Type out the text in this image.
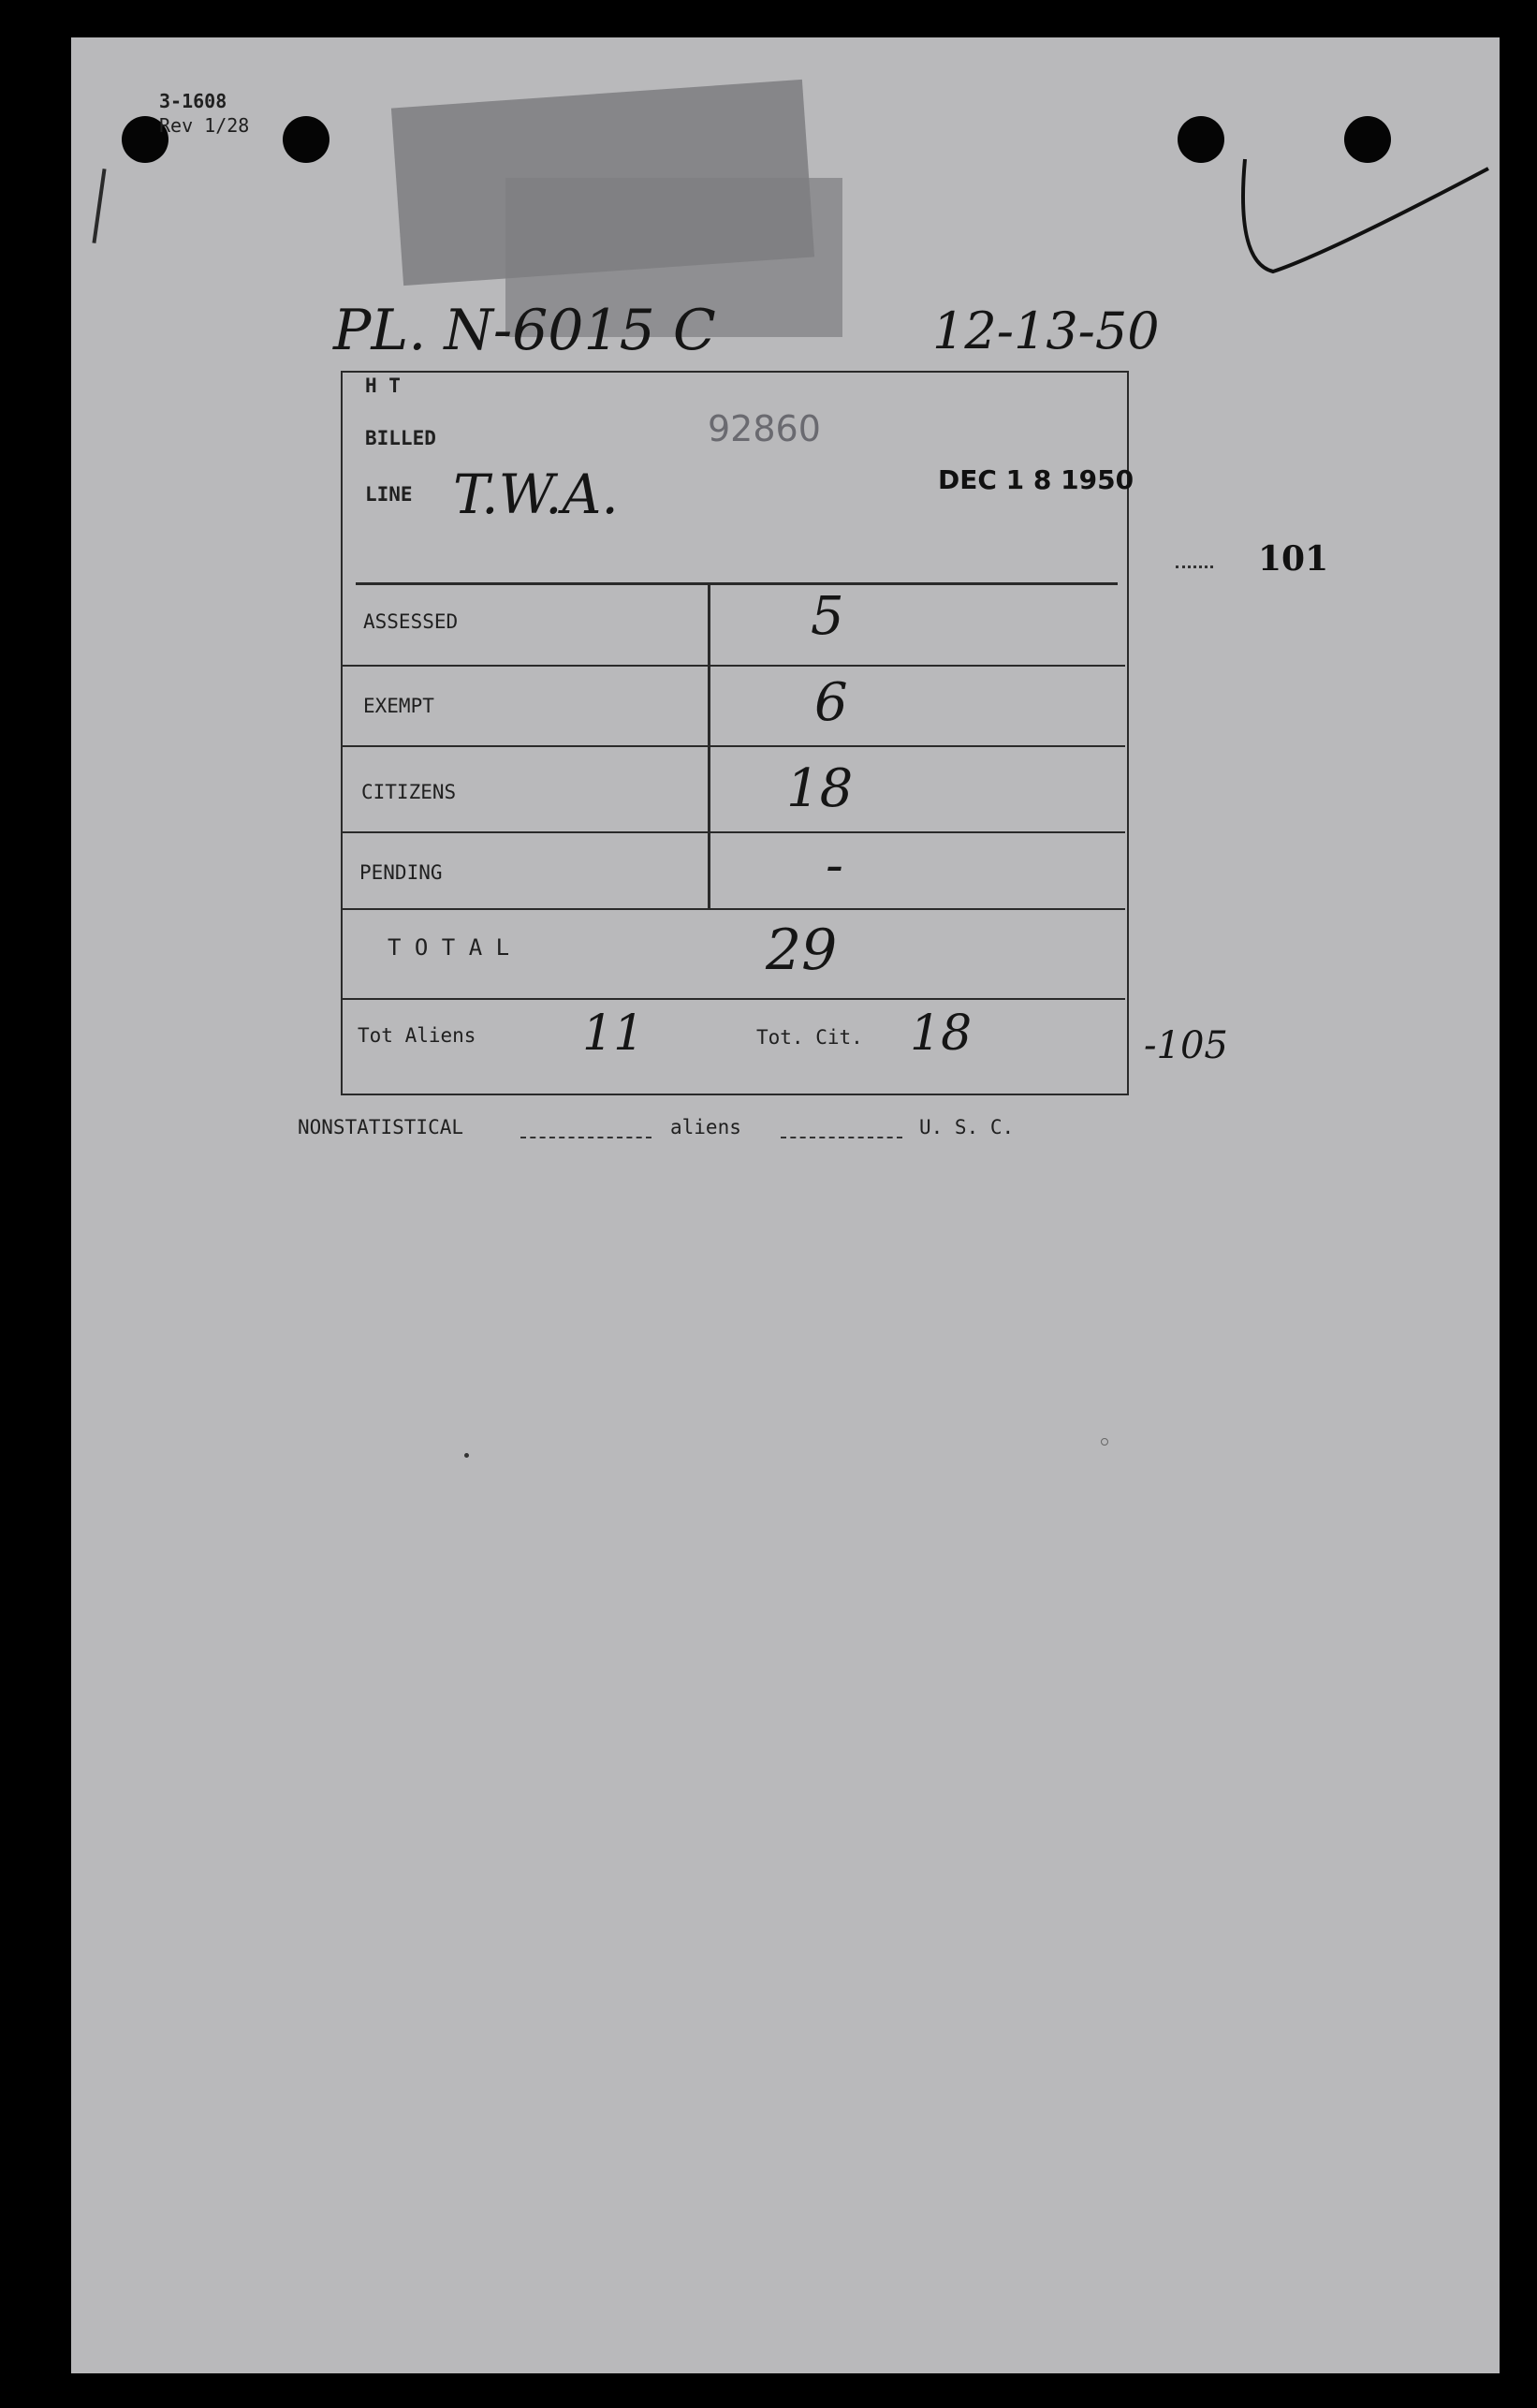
3-1608
Rev 1/28
PL. N-6015 C	12-13-50
H T
BILLED	92860
LINE T.W.A.	DEC 1 8 1950
ASSESSED	5
EXEMPT	6
CITIZENS	18
PENDING	-
T O T A L	29
Tot Aliens 11	Tot. Cit. 18
101
-105
NONSTATISTICAL	aliens	U. S. C.
